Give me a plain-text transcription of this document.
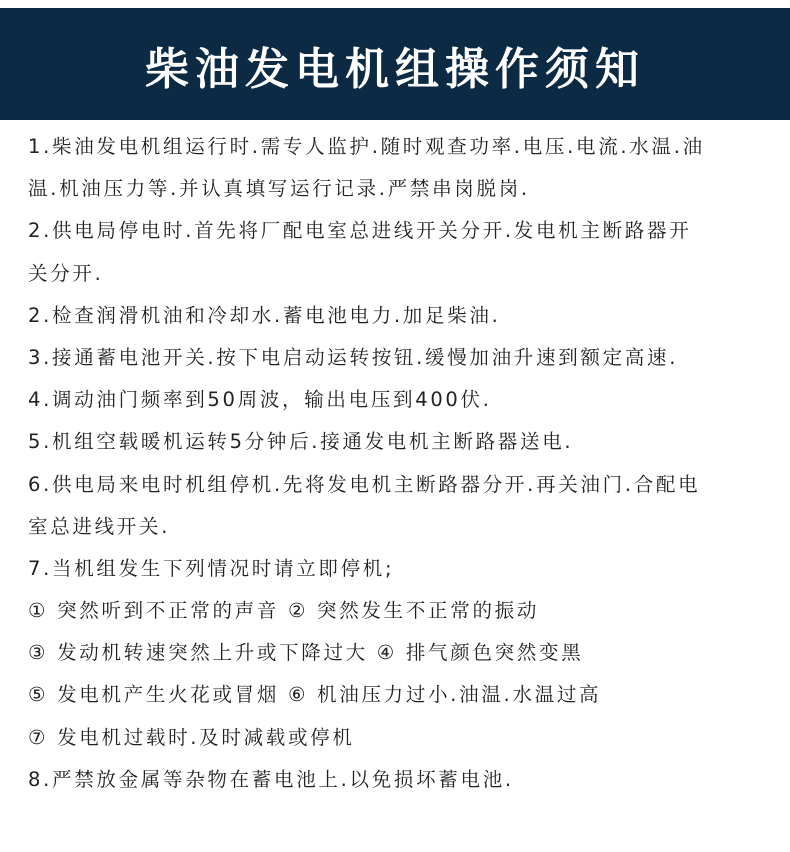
柴油发电机组操作须知
1.柴油发电机组运行时.需专人监护.随时观查功率.电压.电流.水温.油
温.机油压力等.并认真填写运行记录.严禁串岗脱岗.
2.供电局停电时.首先将厂配电室总进线开关分开.发电机主断路器开
关分开.
2.检查润滑机油和冷却水.蓄电池电力.加足柴油.
3.接通蓄电池开关.按下电启动运转按钮.缓慢加油升速到额定高速.
4.调动油门频率到50周波，输出电压到400伏.
5.机组空载暖机运转5分钟后.接通发电机主断路器送电.
6.供电局来电时机组停机.先将发电机主断路器分开.再关油门.合配电
室总进线开关.
7.当机组发生下列情况时请立即停机;
① 突然听到不正常的声音 ② 突然发生不正常的振动
③ 发动机转速突然上升或下降过大 ④ 排气颜色突然变黑
⑤ 发电机产生火花或冒烟 ⑥ 机油压力过小.油温.水温过高
⑦ 发电机过载时.及时减载或停机
8.严禁放金属等杂物在蓄电池上.以免损坏蓄电池.
